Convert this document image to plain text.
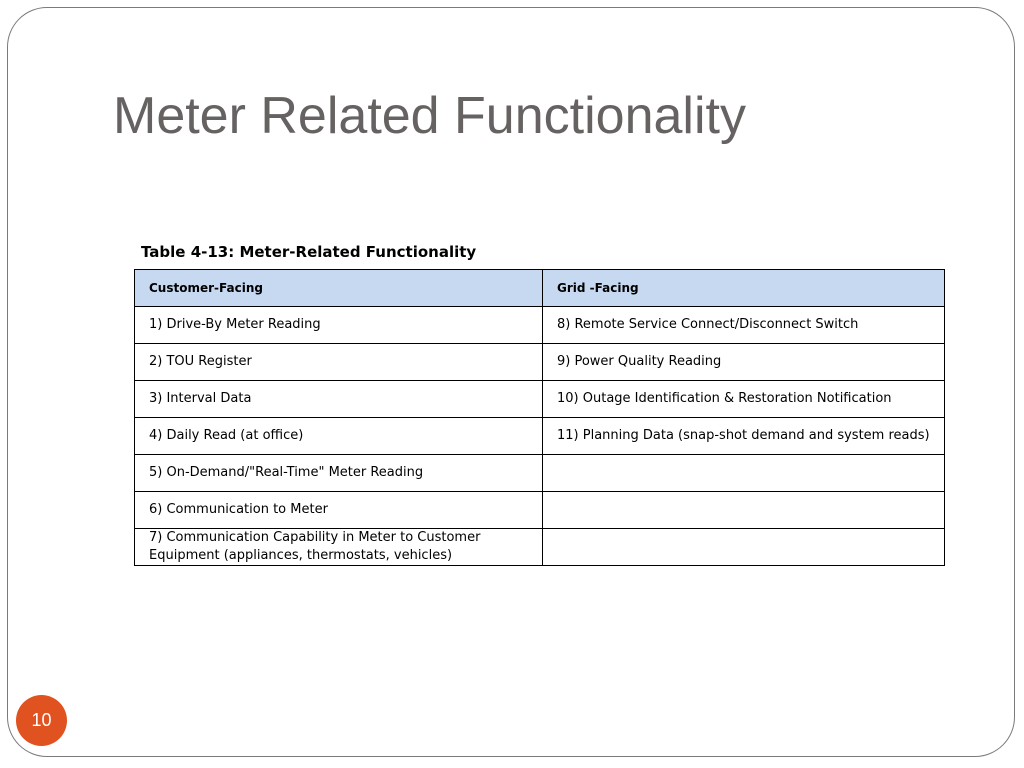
Meter Related Functionality
Table 4-13: Meter-Related Functionality
Customer-Facing	Grid -Facing
1) Drive-By Meter Reading	8) Remote Service Connect/Disconnect Switch
2) TOU Register	9) Power Quality Reading
3) Interval Data	10) Outage Identification & Restoration Notification
4) Daily Read (at office)	11) Planning Data (snap-shot demand and system reads)
5) On-Demand/"Real-Time" Meter Reading	
6) Communication to Meter	
7) Communication Capability in Meter to Customer Equipment (appliances, thermostats, vehicles)	
10
